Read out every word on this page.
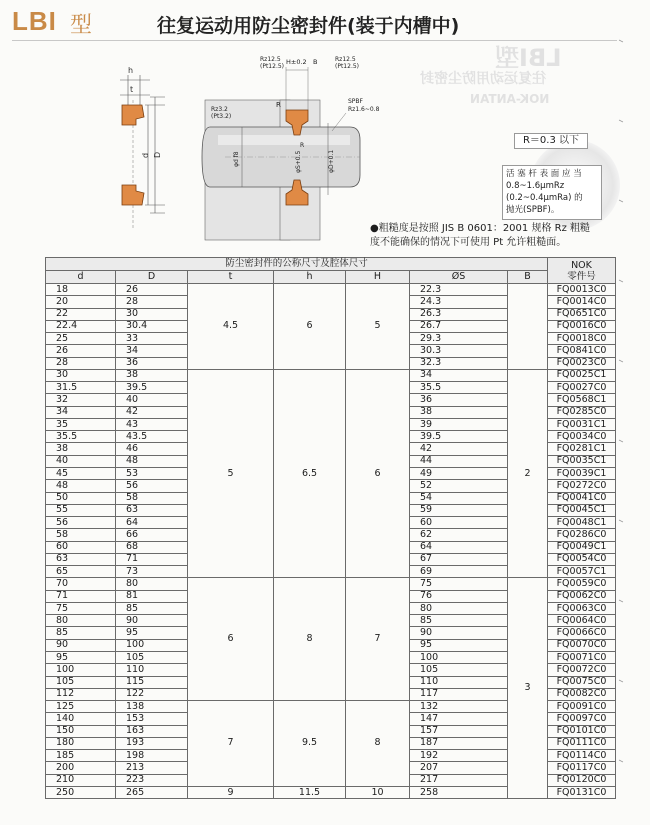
LBI 型	往复运动用防尘密封件(装于内槽中)
LBI型
往复运动用防尘密封
NOK-ANTAN
h
t
d D	φd f8	φD+0.1
φS+0.5
R
Rz12.5
(Pt12.5)
H±0.2 B	Rz12.5
(Pt12.5)
Rz3.2
(Pt3.2)
SPBF
Rz1.6~0.8
R	R＝0.3 以下
活 塞 杆 表 面 应 当
0.8~1.6μmRz
(0.2~0.4μmRa) 的
抛光(SPBF)。
●粗糙度是按照 JIS B 0601：2001 规格 Rz 粗糙
度不能确保的情况下可使用 Pt 允许粗糙面。
防尘密封件的公称尺寸及腔体尺寸							NOK
零件号

d	D	t	h	H	ØS	B	
18	26	4.5	6	5	22.3		FQ0013C0
20	28				24.3		FQ0014C0
22	30				26.3		FQ0651C0
22.4	30.4				26.7		FQ0016C0
25	33				29.3		FQ0018C0
26	34				30.3		FQ0841C0
28	36				32.3		FQ0023C0
30	38	5	6.5	6	34	2	FQ0025C1
31.5	39.5				35.5		FQ0027C0
32	40				36		FQ0568C1
34	42				38		FQ0285C0
35	43				39		FQ0031C1
35.5	43.5				39.5		FQ0034C0
38	46				42		FQ0281C1
40	48				44		FQ0035C1
45	53				49		FQ0039C1
48	56				52		FQ0272C0
50	58				54		FQ0041C0
55	63				59		FQ0045C1
56	64				60		FQ0048C1
58	66				62		FQ0286C0
60	68				64		FQ0049C1
63	71				67		FQ0054C0
65	73				69		FQ0057C1
70	80	6	8	7	75	3	FQ0059C0
71	81				76		FQ0062C0
75	85				80		FQ0063C0
80	90				85		FQ0064C0
85	95				90		FQ0066C0
90	100				95		FQ0070C0
95	105				100		FQ0071C0
100	110				105		FQ0072C0
105	115				110		FQ0075C0
112	122				117		FQ0082C0
125	138	7	9.5	8	132		FQ0091C0
140	153				147		FQ0097C0
150	163				157		FQ0101C0
180	193				187		FQ0111C0
185	198				192		FQ0114C0
200	213				207		FQ0117C0
210	223				217		FQ0120C0
250	265	9	11.5	10	258		FQ0131C0
